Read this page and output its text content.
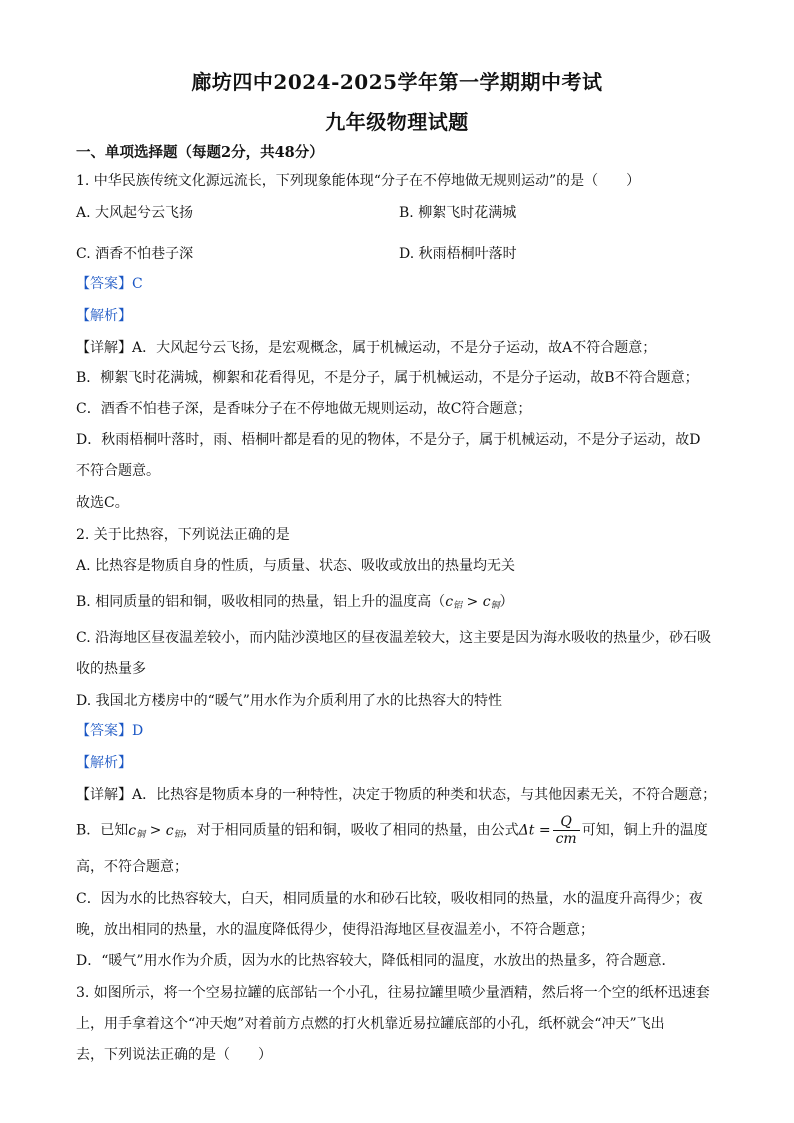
廊坊四中2024-2025学年第一学期期中考试
九年级物理试题
一、单项选择题（每题2分，共48分）
1. 中华民族传统文化源远流长，下列现象能体现“分子在不停地做无规则运动”的是（　　）
A. 大风起兮云飞扬	B. 柳絮飞时花满城
C. 酒香不怕巷子深	D. 秋雨梧桐叶落时
【答案】C
【解析】
【详解】A．大风起兮云飞扬，是宏观概念，属于机械运动，不是分子运动，故A不符合题意；
B．柳絮飞时花满城，柳絮和花看得见，不是分子，属于机械运动，不是分子运动，故B不符合题意；
C．酒香不怕巷子深，是香味分子在不停地做无规则运动，故C符合题意；
D．秋雨梧桐叶落时，雨、梧桐叶都是看的见的物体，不是分子，属于机械运动，不是分子运动，故D
不符合题意。
故选C。
2. 关于比热容，下列说法正确的是
A. 比热容是物质自身的性质，与质量、状态、吸收或放出的热量均无关
B. 相同质量的铝和铜，吸收相同的热量，铝上升的温度高$(c_铝 > c_铜)$
C. 沿海地区昼夜温差较小，而内陆沙漠地区的昼夜温差较大，这主要是因为海水吸收的热量少，砂石吸
收的热量多
D. 我国北方楼房中的“暖气”用水作为介质利用了水的比热容大的特性
【答案】D
【解析】
【详解】A．比热容是物质本身的一种特性，决定于物质的种类和状态，与其他因素无关，不符合题意；
B．已知$c_铜 > c_铝$，对于相同质量的铝和铜，吸收了相同的热量，由公式$\Delta t = \frac{Q}{cm}$ 可知，铜上升的温度
高，不符合题意；
C．因为水的比热容较大，白天，相同质量的水和砂石比较，吸收相同的热量，水的温度升高得少；夜
晚，放出相同的热量，水的温度降低得少，使得沿海地区昼夜温差小，不符合题意；
D．“暖气”用水作为介质，因为水的比热容较大，降低相同的温度，水放出的热量多，符合题意．
3. 如图所示，将一个空易拉罐的底部钻一个小孔，往易拉罐里喷少量酒精，然后将一个空的纸杯迅速套
上，用手拿着这个“冲天炮”对着前方点燃的打火机靠近易拉罐底部的小孔，纸杯就会“冲天”飞出
去，下列说法正确的是（　　）
